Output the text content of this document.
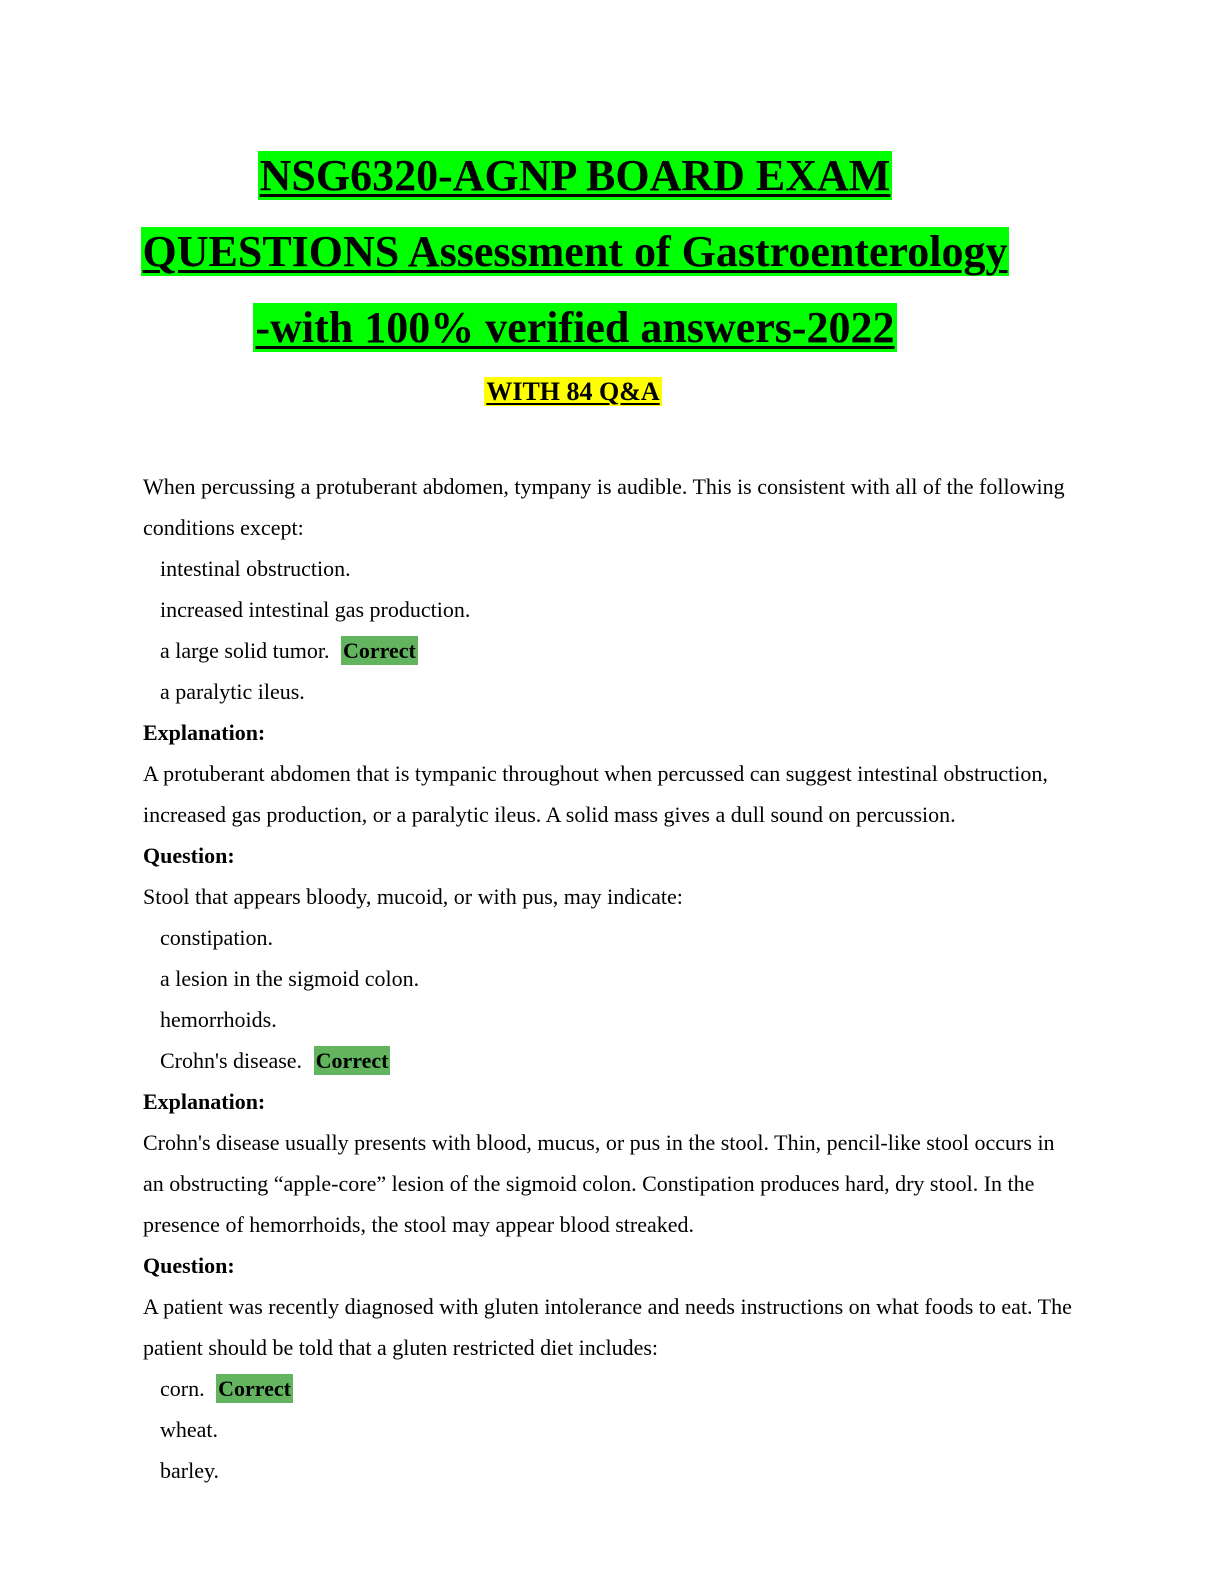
NSG6320-AGNP BOARD EXAM
QUESTIONS Assessment of Gastroenterology
-with 100% verified answers-2022
WITH 84 Q&A
When percussing a protuberant abdomen, tympany is audible. This is consistent with all of the following conditions except:
intestinal obstruction.
increased intestinal gas production.
a large solid tumor. Correct
a paralytic ileus.
Explanation:
A protuberant abdomen that is tympanic throughout when percussed can suggest intestinal obstruction, increased gas production, or a paralytic ileus. A solid mass gives a dull sound on percussion.
Question:
Stool that appears bloody, mucoid, or with pus, may indicate:
constipation.
a lesion in the sigmoid colon.
hemorrhoids.
Crohn's disease. Correct
Explanation:
Crohn's disease usually presents with blood, mucus, or pus in the stool. Thin, pencil-like stool occurs in an obstructing “apple-core” lesion of the sigmoid colon. Constipation produces hard, dry stool. In the presence of hemorrhoids, the stool may appear blood streaked.
Question:
A patient was recently diagnosed with gluten intolerance and needs instructions on what foods to eat. The patient should be told that a gluten restricted diet includes:
corn. Correct
wheat.
barley.
